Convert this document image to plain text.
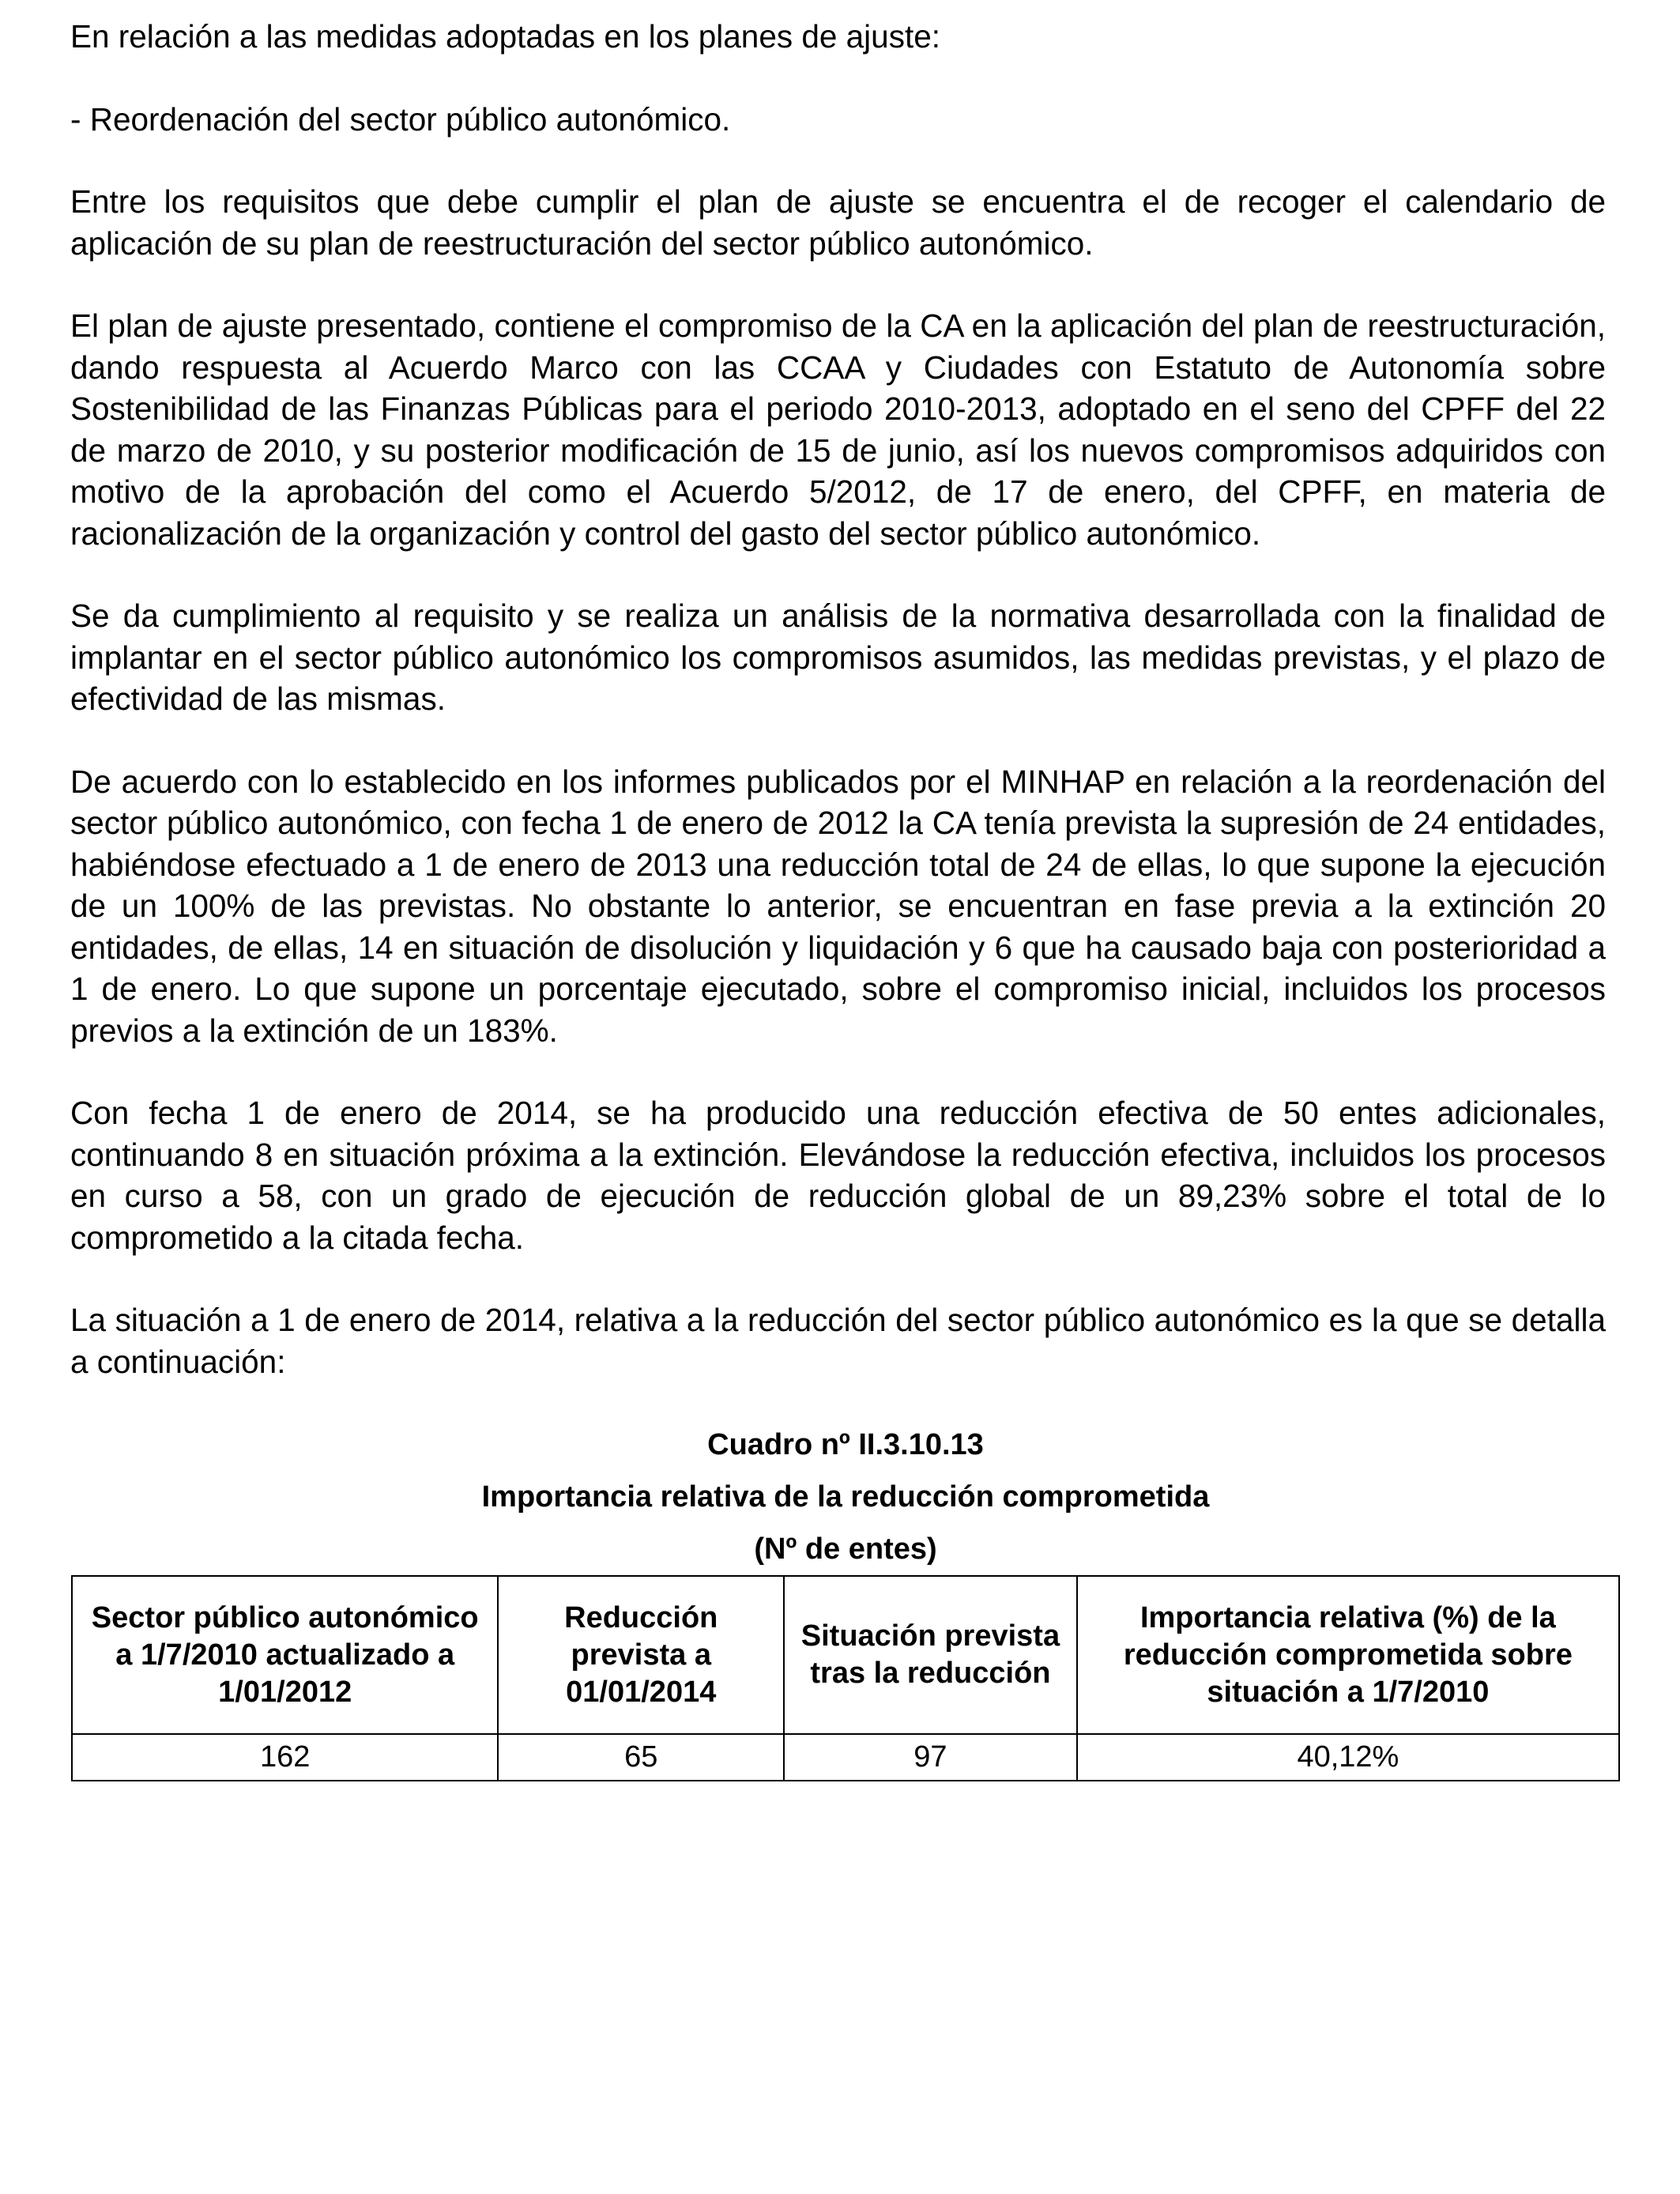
En relación a las medidas adoptadas en los planes de ajuste:

- Reordenación del sector público autonómico.

Entre los requisitos que debe cumplir el plan de ajuste se encuentra el de recoger el calendario de aplicación de su plan de reestructuración del sector público autonómico.

El plan de ajuste presentado, contiene el compromiso de la CA en la aplicación del plan de reestructuración, dando respuesta al Acuerdo Marco con las CCAA y Ciudades con Estatuto de Autonomía sobre Sostenibilidad de las Finanzas Públicas para el periodo 2010-2013, adoptado en el seno del CPFF del 22 de marzo de 2010, y su posterior modificación de 15 de junio, así los nuevos compromisos adquiridos con motivo de la aprobación del como el Acuerdo 5/2012, de 17 de enero, del CPFF, en materia de racionalización de la organización y control del gasto del sector público autonómico.

Se da cumplimiento al requisito y se realiza un análisis de la normativa desarrollada con la finalidad de implantar en el sector público autonómico los compromisos asumidos, las medidas previstas, y el plazo de efectividad de las mismas.

De acuerdo con lo establecido en los informes publicados por el MINHAP en relación a la reordenación del sector público autonómico, con fecha 1 de enero de 2012 la CA tenía prevista la supresión de 24 entidades, habiéndose efectuado a 1 de enero de 2013 una reducción total de 24 de ellas, lo que supone la ejecución de un 100% de las previstas. No obstante lo anterior, se encuentran en fase previa a la extinción 20 entidades, de ellas, 14 en situación de disolución y liquidación y 6 que ha causado baja con posterioridad a 1 de enero. Lo que supone un porcentaje ejecutado, sobre el compromiso inicial, incluidos los procesos previos a la extinción de un 183%.

Con fecha 1 de enero de 2014, se ha producido una reducción efectiva de 50 entes adicionales, continuando 8 en situación próxima a la extinción. Elevándose la reducción efectiva, incluidos los procesos en curso a 58, con un grado de ejecución de reducción global de un 89,23% sobre el total de lo comprometido a la citada fecha.

La situación a 1 de enero de 2014, relativa a la reducción del sector público autonómico es la que se detalla a continuación:

Cuadro nº II.3.10.13

Importancia relativa de la reducción comprometida

(Nº de entes)

Sector público autonómico a 1/7/2010 actualizado a 1/01/2012	Reducción prevista a 01/01/2014	Situación prevista tras la reducción	Importancia relativa (%) de la reducción comprometida sobre situación a 1/7/2010
162	65	97	40,12%
